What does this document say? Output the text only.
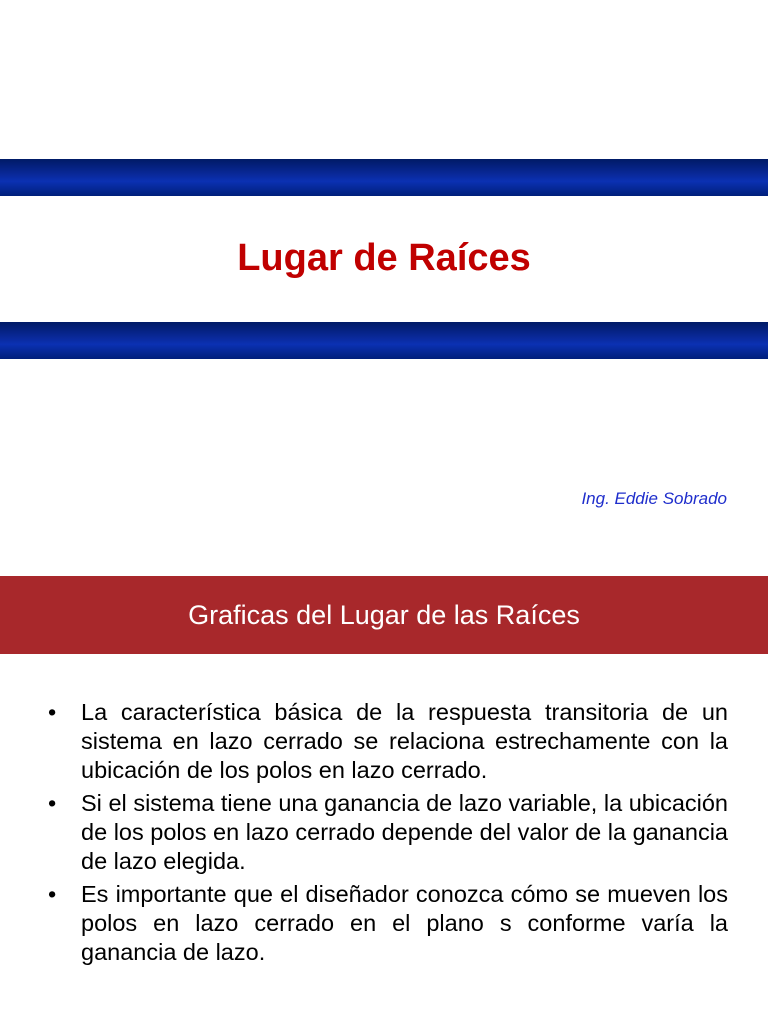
Lugar de Raíces
Ing. Eddie Sobrado
Graficas del Lugar de las Raíces
• La característica básica de la respuesta transitoria de un sistema en lazo cerrado se relaciona estrechamente con la ubicación de los polos en lazo cerrado.
• Si el sistema tiene una ganancia de lazo variable, la ubicación de los polos en lazo cerrado depende del valor de la ganancia de lazo elegida.
• Es importante que el diseñador conozca cómo se mueven los polos en lazo cerrado en el plano s conforme varía la ganancia de lazo.
